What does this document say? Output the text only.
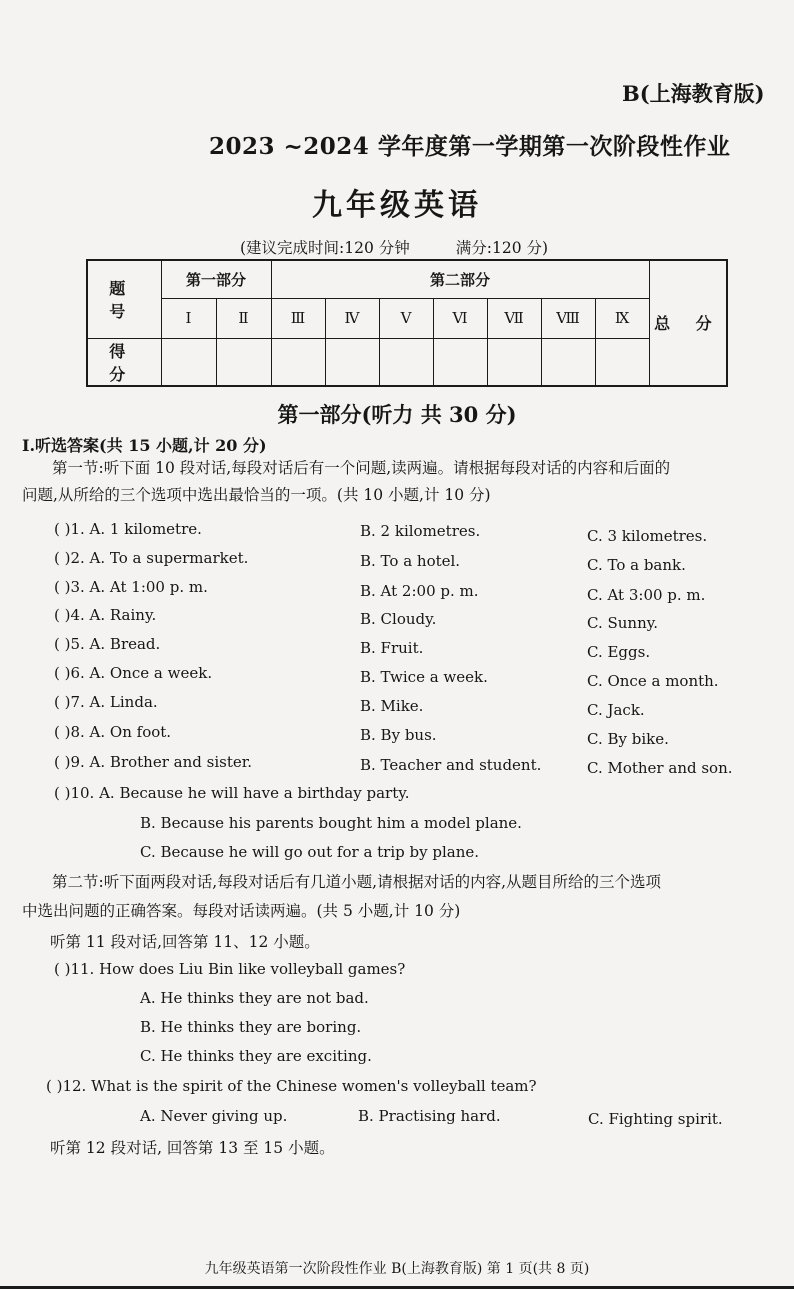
B(上海教育版)
2023 ~2024 学年度第一学期第一次阶段性作业
九年级英语
(建议完成时间:120 分钟	满分:120 分)
题 号	第一部分		第二部分							总 分
	Ⅰ	Ⅱ	Ⅲ	Ⅳ	Ⅴ	Ⅵ	Ⅶ	Ⅷ	Ⅸ	
得 分										
第一部分(听力 共 30 分)
Ⅰ.听选答案(共 15 小题,计 20 分)
第一节:听下面 10 段对话,每段对话后有一个问题,读两遍。请根据每段对话的内容和后面的
问题,从所给的三个选项中选出最恰当的一项。(共 10 小题,计 10 分)
( )1. A. 1 kilometre.	B. 2 kilometres.	C. 3 kilometres.
( )2. A. To a supermarket.	B. To a hotel.	C. To a bank.
( )3. A. At 1:00 p. m.	B. At 2:00 p. m.	C. At 3:00 p. m.
( )4. A. Rainy.	B. Cloudy.	C. Sunny.
( )5. A. Bread.	B. Fruit.	C. Eggs.
( )6. A. Once a week.	B. Twice a week.	C. Once a month.
( )7. A. Linda.	B. Mike.	C. Jack.
( )8. A. On foot.	B. By bus.	C. By bike.
( )9. A. Brother and sister.	B. Teacher and student.	C. Mother and son.
( )10. A. Because he will have a birthday party.
B. Because his parents bought him a model plane.
C. Because he will go out for a trip by plane.
第二节:听下面两段对话,每段对话后有几道小题,请根据对话的内容,从题目所给的三个选项
中选出问题的正确答案。每段对话读两遍。(共 5 小题,计 10 分)
听第 11 段对话,回答第 11、12 小题。
( )11. How does Liu Bin like volleyball games?
A. He thinks they are not bad.
B. He thinks they are boring.
C. He thinks they are exciting.
( )12. What is the spirit of the Chinese women's volleyball team?
A. Never giving up.	B. Practising hard.	C. Fighting spirit.
听第 12 段对话, 回答第 13 至 15 小题。
九年级英语第一次阶段性作业 B(上海教育版) 第 1 页(共 8 页)
